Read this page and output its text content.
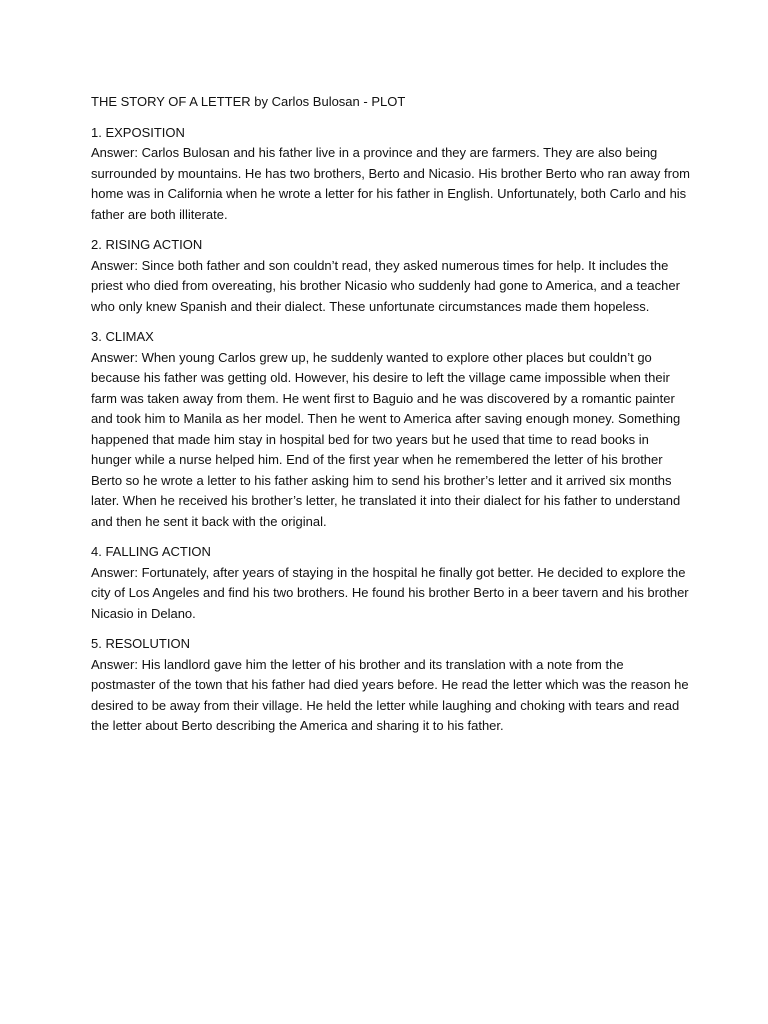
THE STORY OF A LETTER by Carlos Bulosan - PLOT

1. EXPOSITION

Answer: Carlos Bulosan and his father live in a province and they are farmers. They are also being surrounded by mountains. He has two brothers, Berto and Nicasio. His brother Berto who ran away from home was in California when he wrote a letter for his father in English. Unfortunately, both Carlo and his father are both illiterate.

2. RISING ACTION

Answer: Since both father and son couldn’t read, they asked numerous times for help. It includes the priest who died from overeating, his brother Nicasio who suddenly had gone to America, and a teacher who only knew Spanish and their dialect. These unfortunate circumstances made them hopeless.

3. CLIMAX

Answer: When young Carlos grew up, he suddenly wanted to explore other places but couldn’t go because his father was getting old. However, his desire to left the village came impossible when their farm was taken away from them. He went first to Baguio and he was discovered by a romantic painter and took him to Manila as her model. Then he went to America after saving enough money. Something happened that made him stay in hospital bed for two years but he used that time to read books in hunger while a nurse helped him. End of the first year when he remembered the letter of his brother Berto so he wrote a letter to his father asking him to send his brother’s letter and it arrived six months later. When he received his brother’s letter, he translated it into their dialect for his father to understand and then he sent it back with the original.

4. FALLING ACTION

Answer: Fortunately, after years of staying in the hospital he finally got better. He decided to explore the city of Los Angeles and find his two brothers. He found his brother Berto in a beer tavern and his brother Nicasio in Delano.

5. RESOLUTION

Answer: His landlord gave him the letter of his brother and its translation with a note from the postmaster of the town that his father had died years before. He read the letter which was the reason he desired to be away from their village. He held the letter while laughing and choking with tears and read the letter about Berto describing the America and sharing it to his father.
